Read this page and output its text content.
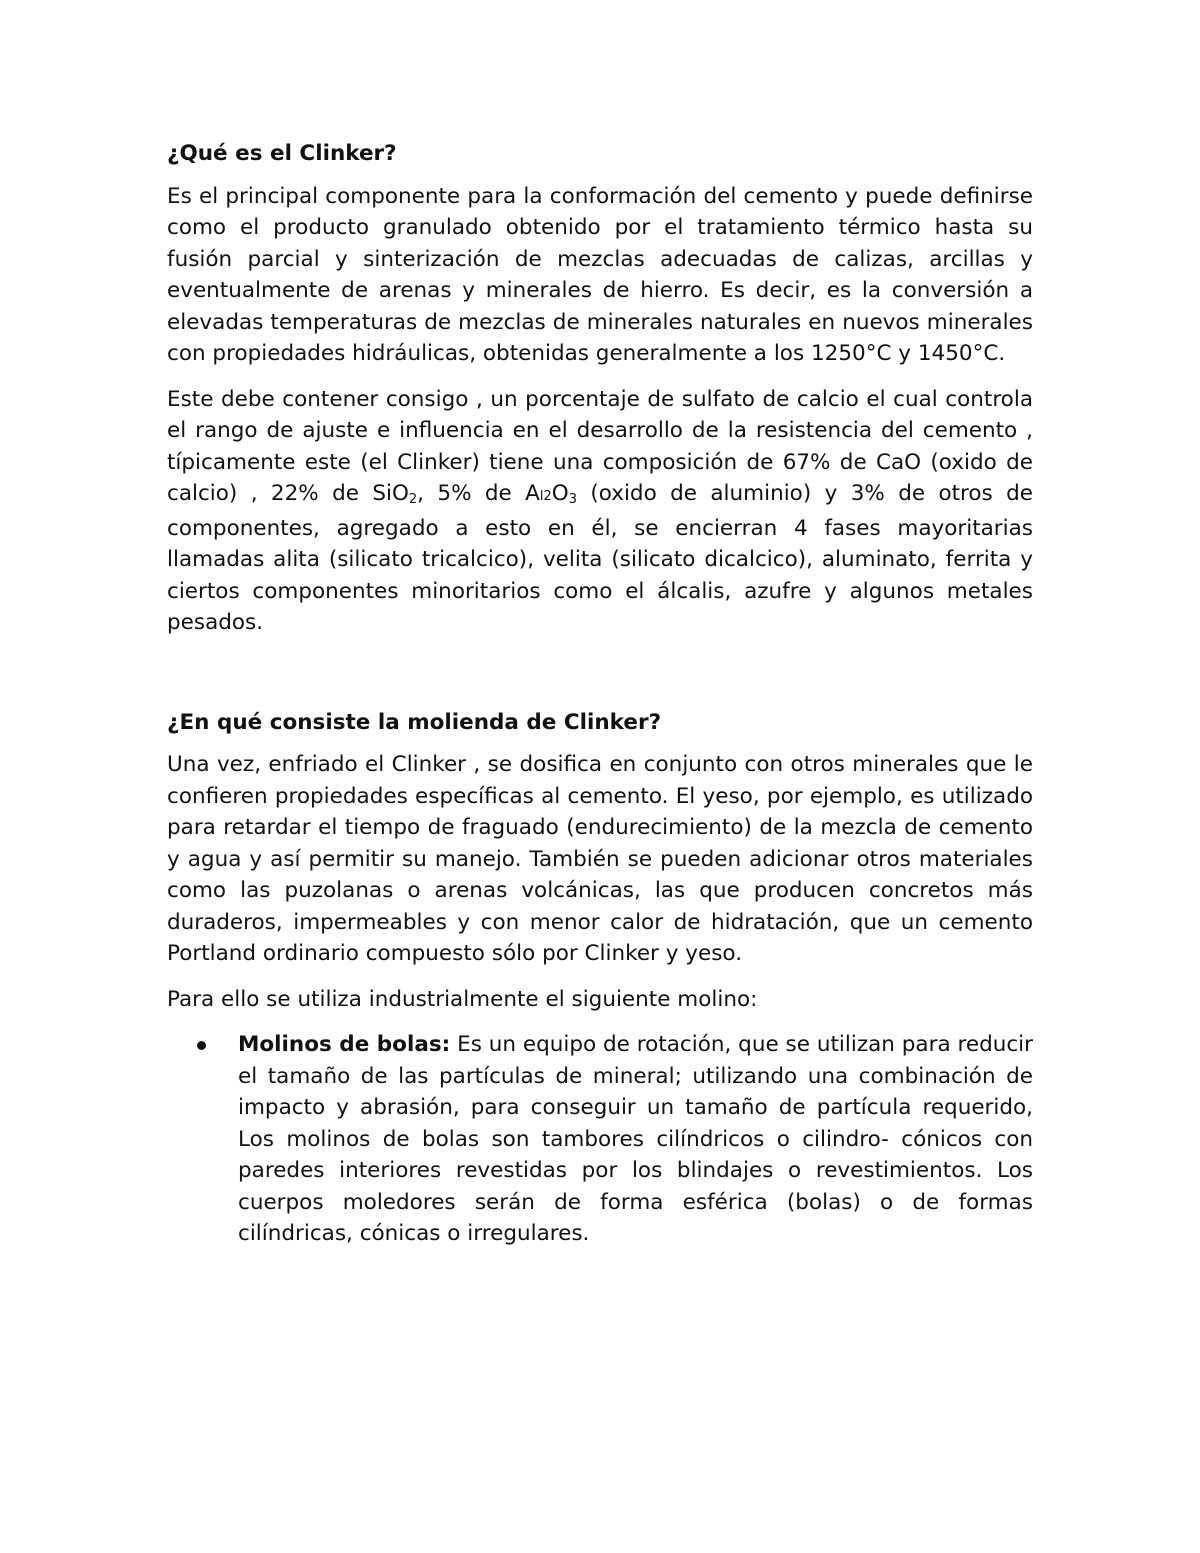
¿Qué es el Clinker?

Es el principal componente para la conformación del cemento y puede definirse como el producto granulado obtenido por el tratamiento térmico hasta su fusión parcial y sinterización de mezclas adecuadas de calizas, arcillas y eventualmente de arenas y minerales de hierro. Es decir, es la conversión a elevadas temperaturas de mezclas de minerales naturales en nuevos minerales con propiedades hidráulicas, obtenidas generalmente a los 1250°C y 1450°C.

Este debe contener consigo , un porcentaje de sulfato de calcio el cual controla el rango de ajuste e influencia en el desarrollo de la resistencia del cemento , típicamente este (el Clinker) tiene una composición de 67% de CaO (oxido de calcio) , 22% de SiO$_2$, 5% de $Al2O_3$ (oxido de aluminio) y 3% de otros de componentes, agregado a esto en él, se encierran 4 fases mayoritarias llamadas alita (silicato tricalcico), velita (silicato dicalcico), aluminato, ferrita y ciertos componentes minoritarios como el álcalis, azufre y algunos metales pesados.

¿En qué consiste la molienda de Clinker?

Una vez, enfriado el Clinker , se dosifica en conjunto con otros minerales que le confieren propiedades específicas al cemento. El yeso, por ejemplo, es utilizado para retardar el tiempo de fraguado (endurecimiento) de la mezcla de cemento y agua y así permitir su manejo. También se pueden adicionar otros materiales como las puzolanas o arenas volcánicas, las que producen concretos más duraderos, impermeables y con menor calor de hidratación, que un cemento Portland ordinario compuesto sólo por Clinker y yeso.

Para ello se utiliza industrialmente el siguiente molino:

Molinos de bolas: Es un equipo de rotación, que se utilizan para reducir el tamaño de las partículas de mineral; utilizando una combinación de impacto y abrasión, para conseguir un tamaño de partícula requerido, Los molinos de bolas son tambores cilíndricos o cilindro- cónicos con paredes interiores revestidas por los blindajes o revestimientos. Los cuerpos moledores serán de forma esférica (bolas) o de formas cilíndricas, cónicas o irregulares.
